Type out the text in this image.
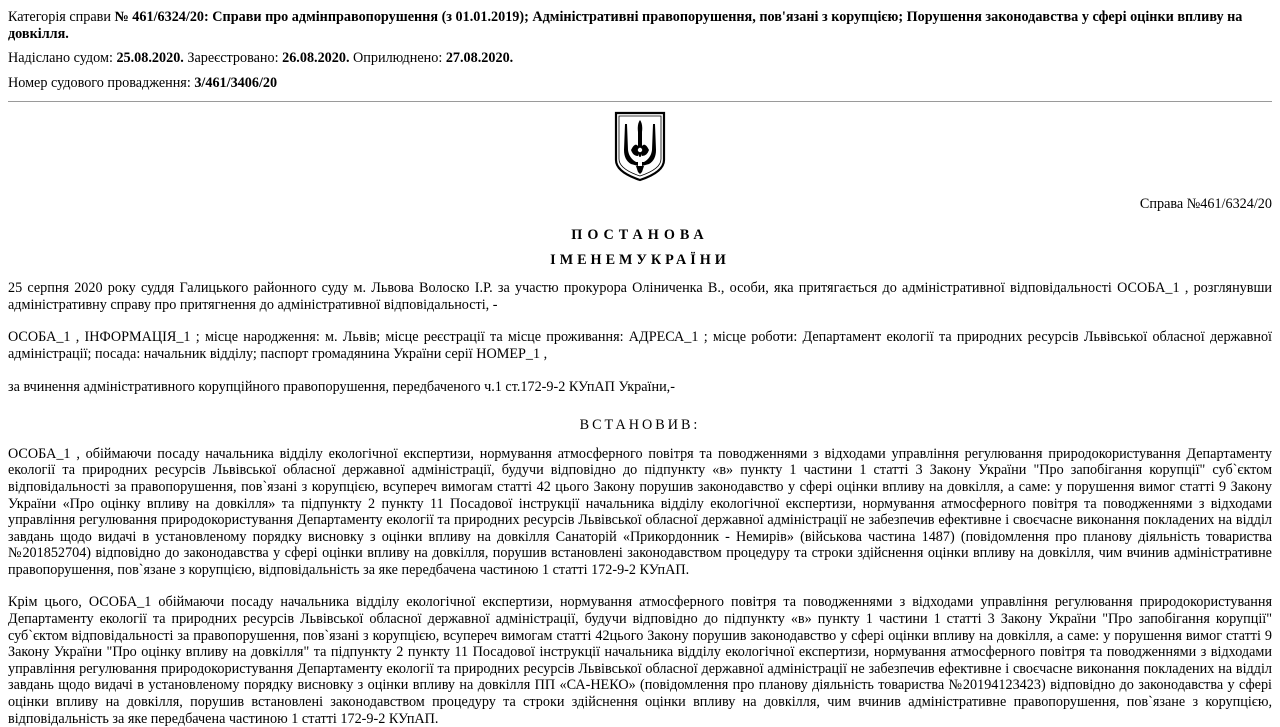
Категорія справи № 461/6324/20: Справи про адмінправопорушення (з 01.01.2019); Адміністративні правопорушення, пов'язані з корупцією; Порушення законодавства у сфері оцінки впливу на довкілля.

Надіслано судом: 25.08.2020. Зареєстровано: 26.08.2020. Оприлюднено: 27.08.2020.

Номер судового провадження: 3/461/3406/20

Справа №461/6324/20
ПОСТАНОВА
ІМЕНЕМУКРАЇНИ

25 серпня 2020 року суддя Галицького районного суду м. Львова Волоско І.Р. за участю прокурора Оліниченка В., особи, яка притягається до адміністративної відповідальності ОСОБА_1 , розглянувши адміністративну справу про притягнення до адміністративної відповідальності, -

ОСОБА_1 , ІНФОРМАЦІЯ_1 ; місце народження: м. Львів; місце реєстрації та місце проживання: АДРЕСА_1 ; місце роботи: Департамент екології та природних ресурсів Львівської обласної державної адміністрації; посада: начальник відділу; паспорт громадянина України серії НОМЕР_1 ,

за вчинення адміністративного корупційного правопорушення, передбаченого ч.1 ст.172-9-2 КУпАП України,-

ВСТАНОВИВ:

ОСОБА_1 , обіймаючи посаду начальника відділу екологічної експертизи, нормування атмосферного повітря та поводженнями з відходами управління регулювання природокористування Департаменту екології та природних ресурсів Львівської обласної державної адміністрації, будучи відповідно до підпункту «в» пункту 1 частини 1 статті 3 Закону України "Про запобігання корупції" суб`єктом відповідальності за правопорушення, пов`язані з корупцією, всупереч вимогам статті 42 цього Закону порушив законодавство у сфері оцінки впливу на довкілля, а саме: у порушення вимог статті 9 Закону України «Про оцінку впливу на довкілля» та підпункту 2 пункту 11 Посадової інструкції начальника відділу екологічної експертизи, нормування атмосферного повітря та поводженнями з відходами управління регулювання природокористування Департаменту екології та природних ресурсів Львівської обласної державної адміністрації не забезпечив ефективне і своєчасне виконання покладених на відділ завдань щодо видачі в установленому порядку висновку з оцінки впливу на довкілля Санаторій «Прикордонник - Немирів» (військова частина 1487) (повідомлення про планову діяльність товариства №201852704) відповідно до законодавства у сфері оцінки впливу на довкілля, порушив встановлені законодавством процедуру та строки здійснення оцінки впливу на довкілля, чим вчинив адміністративне правопорушення, пов`язане з корупцією, відповідальність за яке передбачена частиною 1 статті 172-9-2 КУпАП.

Крім цього, ОСОБА_1 обіймаючи посаду начальника відділу екологічної експертизи, нормування атмосферного повітря та поводженнями з відходами управління регулювання природокористування Департаменту екології та природних ресурсів Львівської обласної державної адміністрації, будучи відповідно до підпункту «в» пункту 1 частини 1 статті 3 Закону України "Про запобігання корупції" суб`єктом відповідальності за правопорушення, пов`язані з корупцією, всупереч вимогам статті 42цього Закону порушив законодавство у сфері оцінки впливу на довкілля, а саме: у порушення вимог статті 9 Закону України "Про оцінку впливу на довкілля" та підпункту 2 пункту 11 Посадової інструкції начальника відділу екологічної експертизи, нормування атмосферного повітря та поводженнями з відходами управління регулювання природокористування Департаменту екології та природних ресурсів Львівської обласної державної адміністрації не забезпечив ефективне і своєчасне виконання покладених на відділ завдань щодо видачі в установленому порядку висновку з оцінки впливу на довкілля ПП «СА-НЕКО» (повідомлення про планову діяльність товариства №20194123423) відповідно до законодавства у сфері оцінки впливу на довкілля, порушив встановлені законодавством процедуру та строки здійснення оцінки впливу на довкілля, чим вчинив адміністративне правопорушення, пов`язане з корупцією, відповідальність за яке передбачена частиною 1 статті 172-9-2 КУпАП.
